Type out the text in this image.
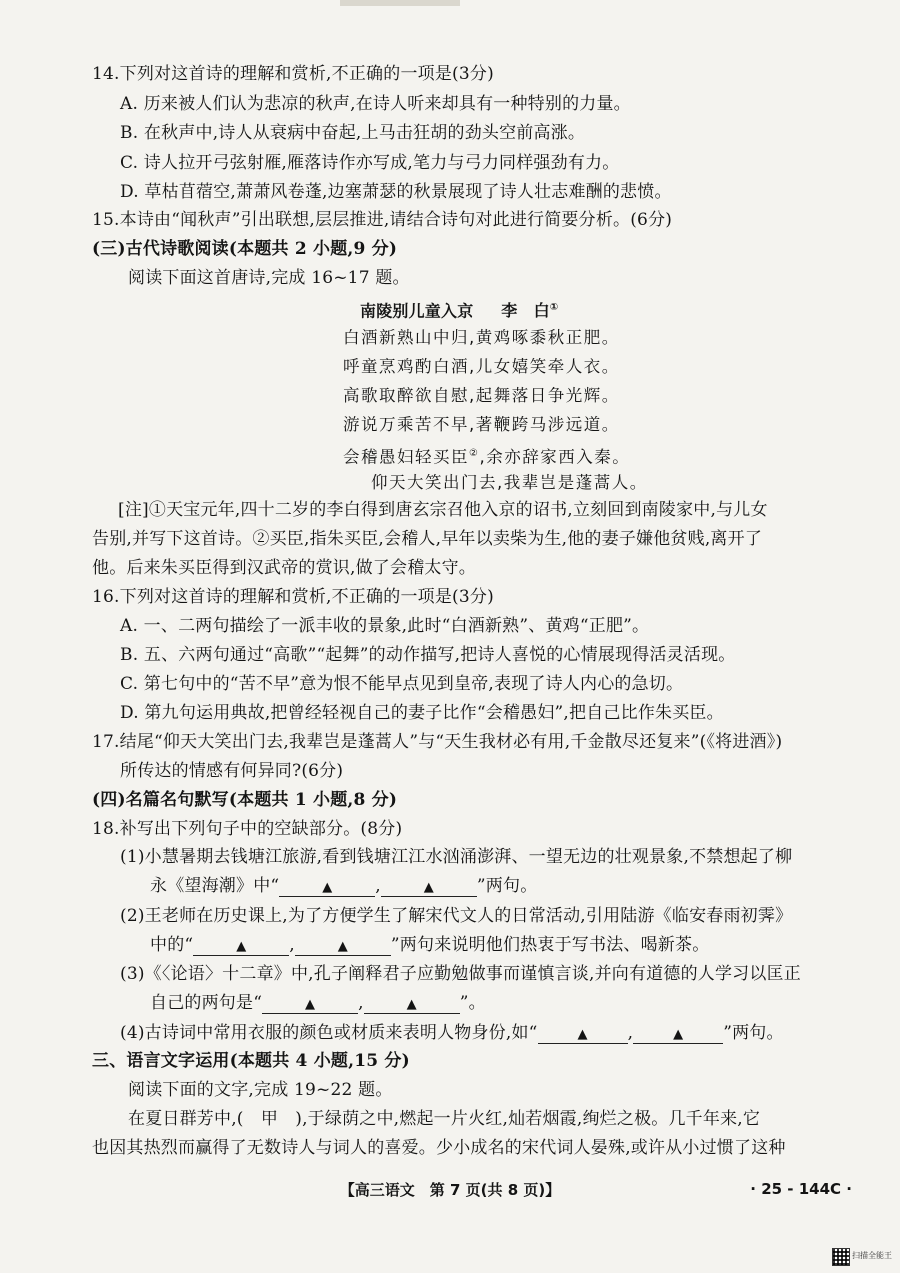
14.下列对这首诗的理解和赏析,不正确的一项是(3分)
A. 历来被人们认为悲凉的秋声,在诗人听来却具有一种特别的力量。
B. 在秋声中,诗人从衰病中奋起,上马击狂胡的劲头空前高涨。
C. 诗人拉开弓弦射雁,雁落诗作亦写成,笔力与弓力同样强劲有力。
D. 草枯苜蓿空,萧萧风卷蓬,边塞萧瑟的秋景展现了诗人壮志难酬的悲愤。
15.本诗由“闻秋声”引出联想,层层推进,请结合诗句对此进行简要分析。(6分)
(三)古代诗歌阅读(本题共 2 小题,9 分)
阅读下面这首唐诗,完成 16~17 题。
南陵别儿童入京 李　白①
白酒新熟山中归,黄鸡啄黍秋正肥。
呼童烹鸡酌白酒,儿女嬉笑牵人衣。
高歌取醉欲自慰,起舞落日争光辉。
游说万乘苦不早,著鞭跨马涉远道。
会稽愚妇轻买臣②,余亦辞家西入秦。
仰天大笑出门去,我辈岂是蓬蒿人。
[注]①天宝元年,四十二岁的李白得到唐玄宗召他入京的诏书,立刻回到南陵家中,与儿女
告别,并写下这首诗。②买臣,指朱买臣,会稽人,早年以卖柴为生,他的妻子嫌他贫贱,离开了
他。后来朱买臣得到汉武帝的赏识,做了会稽太守。
16.下列对这首诗的理解和赏析,不正确的一项是(3分)
A. 一、二两句描绘了一派丰收的景象,此时“白酒新熟”、黄鸡“正肥”。
B. 五、六两句通过“高歌”“起舞”的动作描写,把诗人喜悦的心情展现得活灵活现。
C. 第七句中的“苦不早”意为恨不能早点见到皇帝,表现了诗人内心的急切。
D. 第九句运用典故,把曾经轻视自己的妻子比作“会稽愚妇”,把自己比作朱买臣。
17.结尾“仰天大笑出门去,我辈岂是蓬蒿人”与“天生我材必有用,千金散尽还复来”(《将进酒》)
所传达的情感有何异同?(6分)
(四)名篇名句默写(本题共 1 小题,8 分)
18.补写出下列句子中的空缺部分。(8分)
(1)小慧暑期去钱塘江旅游,看到钱塘江江水汹涌澎湃、一望无边的壮观景象,不禁想起了柳
永《望海潮》中“	▲	,	▲	”两句。
(2)王老师在历史课上,为了方便学生了解宋代文人的日常活动,引用陆游《临安春雨初霁》
中的“	▲	,	▲	”两句来说明他们热衷于写书法、喝新茶。
(3)《〈论语〉十二章》中,孔子阐释君子应勤勉做事而谨慎言谈,并向有道德的人学习以匡正
自己的两句是“	▲	,	▲	”。
(4)古诗词中常用衣服的颜色或材质来表明人物身份,如“	▲ ,	▲ ”两句。
三、语言文字运用(本题共 4 小题,15 分)
阅读下面的文字,完成 19~22 题。
在夏日群芳中,(　甲　),于绿荫之中,燃起一片火红,灿若烟霞,绚烂之极。几千年来,它
也因其热烈而赢得了无数诗人与词人的喜爱。少小成名的宋代词人晏殊,或许从小过惯了这种
【高三语文　第 7 页(共 8 页)】	· 25 - 144C ·
扫描全能王
